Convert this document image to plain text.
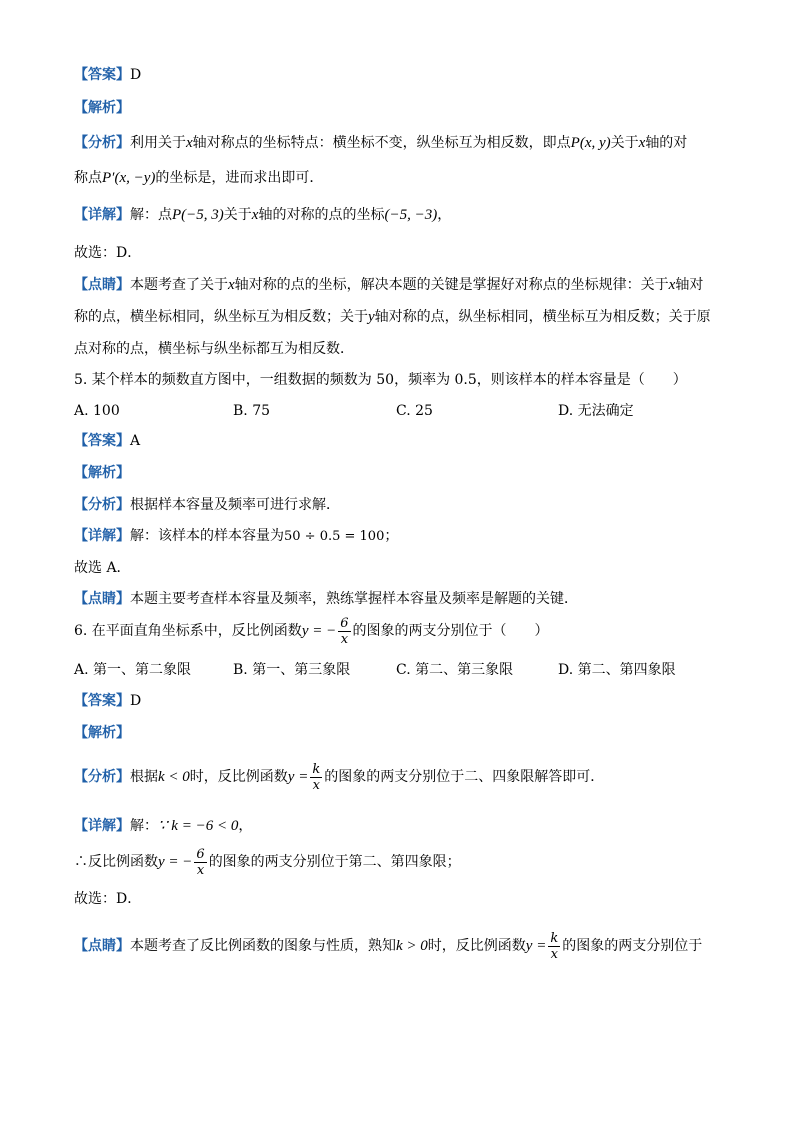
【答案】D
【解析】
【分析】利用关于x轴对称点的坐标特点：横坐标不变，纵坐标互为相反数，即点P(x, y)关于x轴的对
称点P′(x, −y)的坐标是，进而求出即可．
【详解】解：点P(−5, 3)关于x轴的对称的点的坐标(−5, −3)，
故选：D．
【点睛】本题考查了关于x轴对称的点的坐标，解决本题的关键是掌握好对称点的坐标规律：关于x轴对
称的点，横坐标相同，纵坐标互为相反数；关于y轴对称的点，纵坐标相同，横坐标互为相反数；关于原
点对称的点，横坐标与纵坐标都互为相反数．
5. 某个样本的频数直方图中，一组数据的频数为 50，频率为 0.5，则该样本的样本容量是（　　）
A. 100	B. 75	C. 25	D. 无法确定
【答案】A
【解析】
【分析】根据样本容量及频率可进行求解．
【详解】解：该样本的样本容量为50 ÷ 0.5 = 100；
故选 A．
【点睛】本题主要考查样本容量及频率，熟练掌握样本容量及频率是解题的关键．
6. 在平面直角坐标系中，反比例函数y = − $\frac{6}{x}$ 的图象的两支分别位于（　　）
A. 第一、第二象限	B. 第一、第三象限	C. 第二、第三象限	D. 第二、第四象限
【答案】D
【解析】
【分析】根据k < 0时，反比例函数$y = \frac{k}{x}$ 的图象的两支分别位于二、四象限解答即可．
【详解】解：∵ k = −6 < 0，
∴反比例函数y = − $\frac{6}{x}$ 的图象的两支分别位于第二、第四象限；
故选：D．
【点睛】本题考查了反比例函数的图象与性质，熟知k > 0时，反比例函数$y = \frac{k}{x}$ 的图象的两支分别位于
